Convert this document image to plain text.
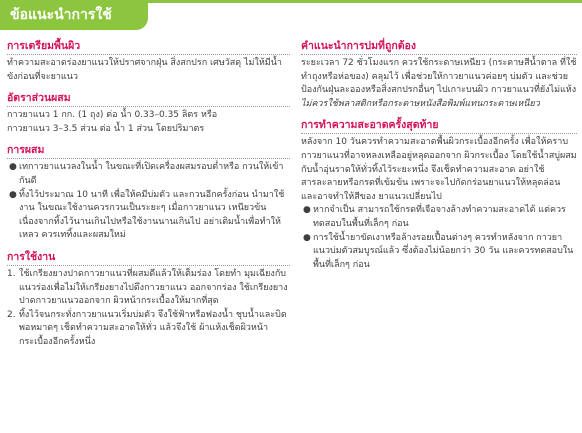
ข้อแนะนำการใช้
การเตรียมพื้นผิว

ทำความสะอาดร่องยาแนวให้ปราศจากฝุ่น สิ่งสกปรก เศษวัสดุ ไม่ให้มีน้ำขังก่อนที่จะยาแนว

อัตราส่วนผสม

กาวยาแนว 1 กก. (1 ถุง) ต่อ น้ำ 0.33–0.35 ลิตร หรือ

กาวยาแนว 3–3.5 ส่วน ต่อ น้ำ 1 ส่วน โดยปริมาตร

การผสม
● เทกาวยาแนวลงในน้ำ ในขณะที่เปิดเครื่องผสมรอบต่ำหรือ กวนให้เข้ากันดี
● ทิ้งไว้ประมาณ 10 นาที เพื่อให้คมีบ่มตัว และกวนอีกครั้งก่อน นำมาใช้งาน ในขณะใช้งานควรกวนเป็นระยะๆ เมื่อกาวยาแนว เหนียวข้นเนื่องจากทิ้งไว้นานเกินไปหรือใช้งานนานเกินไป อย่าเติมน้ำเพื่อทำให้เหลว ควรเททิ้งและผสมใหม่
การใช้งาน
1. ใช้เกรียงยางปาดกาวยาแนวที่ผสมดีแล้วให้เต็มร่อง โดยทำ มุมเฉียงกับแนวร่องเพื่อไม่ให้เกรียงยางไปดึงกาวยาแนว ออกจากร่อง ใช้เกรียงยางปาดกาวยาแนวออกจาก ผิวหน้ากระเบื้องให้มากที่สุด
2. ทิ้งไว้จนกระทั่งกาวยาแนวเริ่มบ่มตัว จึงใช้ฟ้าหรือฟองน้ำ ชุบน้ำและบิดพอหมาดๆ เช็ดทำความสะอาดให้ทั่ว แล้วจึงใช้ ผ้าแห้งเช็ดผิวหน้ากระเบื้องอีกครั้งหนึ่ง
คำแนะนำการบ่มที่ถูกต้อง

ระยะเวลา 72 ชั่วโมงแรก ควรใช้กระดาษเหนียว (กระดาษสีน้ำตาล ที่ใช้ทำถุงหรือห่อของ) คลุมไว้ เพื่อช่วยให้กาวยาแนวค่อยๆ บ่มตัว และช่วยป้องกันฝุ่นละอองหรือสิ่งสกปรกอื่นๆ ไปเกาะบนผิว กาวยาแนวที่ยังไม่แห้ง

ไม่ควรใช้พลาสติกหรือกระดาษหนังสือพิมพ์แทนกระดาษเหนียว

การทำความสะอาดครั้งสุดท้าย

หลังจาก 10 วันควรทำความสะอาดพื้นผิวกระเบื้องอีกครั้ง เพื่อให้คราบกาวยาแนวที่อาจหลงเหลืออยู่หลุดออกจาก ผิวกระเบื้อง โดยใช้น้ำสบู่ผสมกับน้ำอุ่นราดให้ทั่วทิ้งไว้ระยะหนึ่ง จึงเช็ดทำความสะอาด อย่าใช้สารละลายหรือกรดที่เข้มข้น เพราะจะไปกัดกร่อนยาแนวให้หลุดล่อน และอาจทำให้สีของ ยาแนวเปลี่ยนไป

● หากจำเป็น สามารถใช้กรดที่เจือจางล้างทำความสะอาดได้ แต่ควรทดสอบในพื้นที่เล็กๆ ก่อน
● การใช้น้ำยาขัดเงาหรือล้างรอยเปื้อนต่างๆ ควรทำหลังจาก กาวยาแนวบ่มตัวสมบูรณ์แล้ว ซึ่งต้องไม่น้อยกว่า 30 วัน และควรทดสอบในพื้นที่เล็กๆ ก่อน
